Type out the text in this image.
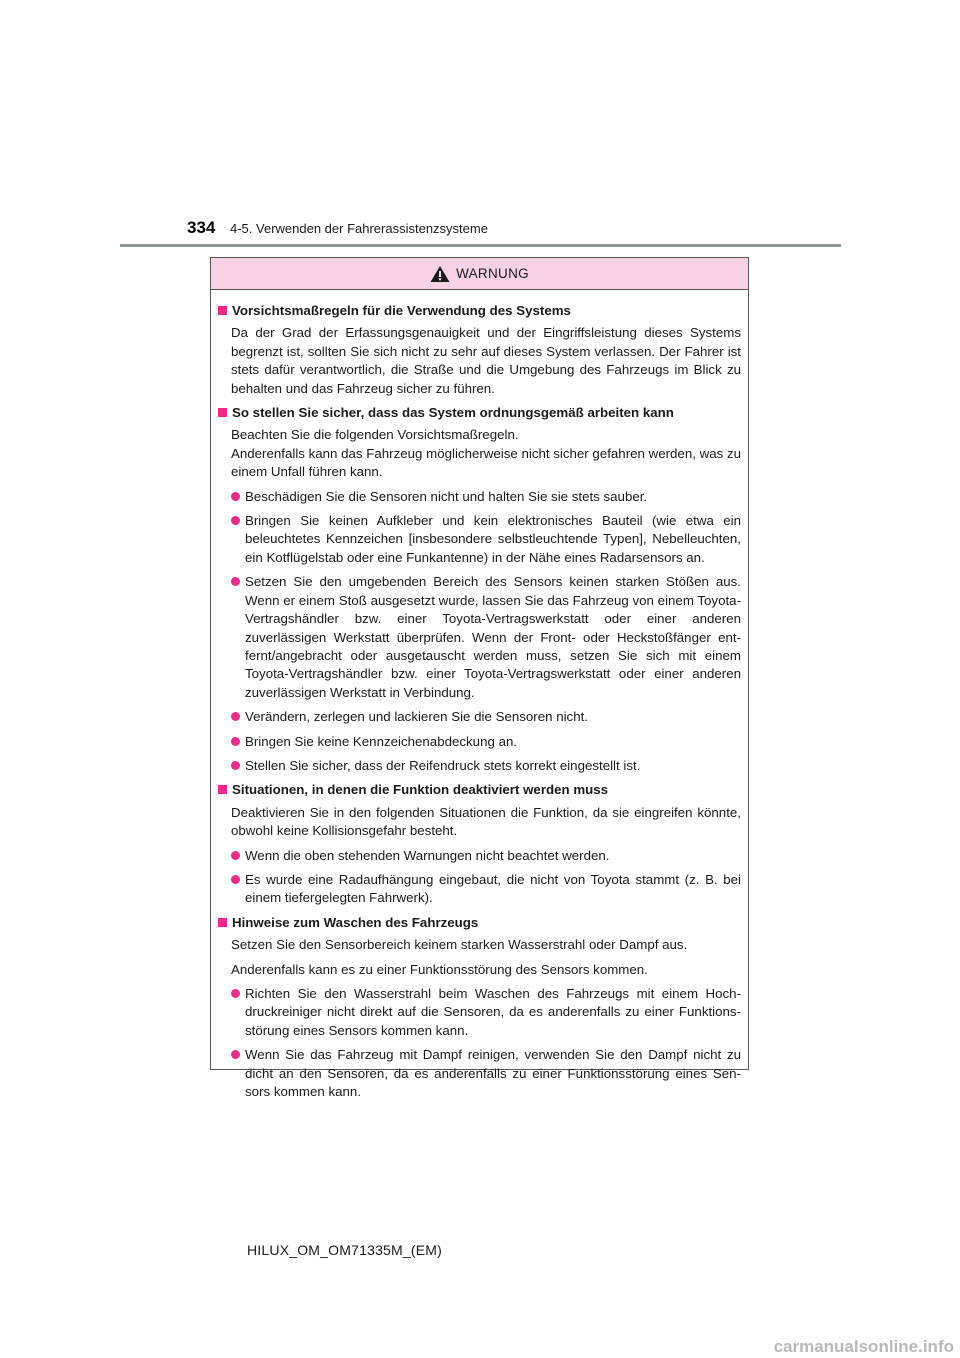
334 4-5. Verwenden der Fahrerassistenzsysteme
WARNUNG
Vorsichtsmaßregeln für die Verwendung des Systems
Da der Grad der Erfassungsgenauigkeit und der Eingriffsleistung dieses Systems begrenzt ist, sollten Sie sich nicht zu sehr auf dieses System verlassen. Der Fahrer ist stets dafür verantwortlich, die Straße und die Umgebung des Fahrzeugs im Blick zu behalten und das Fahrzeug sicher zu führen.
So stellen Sie sicher, dass das System ordnungsgemäß arbeiten kann
Beachten Sie die folgenden Vorsichtsmaßregeln.
Anderenfalls kann das Fahrzeug möglicherweise nicht sicher gefahren werden, was zu einem Unfall führen kann.
Beschädigen Sie die Sensoren nicht und halten Sie sie stets sauber.
Bringen Sie keinen Aufkleber und kein elektronisches Bauteil (wie etwa ein beleuchtetes Kennzeichen [insbesondere selbstleuchtende Typen], Nebelleuchten, ein Kotflügelstab oder eine Funkantenne) in der Nähe eines Radarsensors an.
Setzen Sie den umgebenden Bereich des Sensors keinen starken Stößen aus. Wenn er einem Stoß ausgesetzt wurde, lassen Sie das Fahrzeug von einem Toyota-Vertragshändler bzw. einer Toyota-Vertragswerkstatt oder einer anderen zuverlässigen Werkstatt überprüfen. Wenn der Front- oder Heckstoßfänger ent-fernt/angebracht oder ausgetauscht werden muss, setzen Sie sich mit einem Toyota-Vertragshändler bzw. einer Toyota-Vertragswerkstatt oder einer anderen zuverlässigen Werkstatt in Verbindung.
Verändern, zerlegen und lackieren Sie die Sensoren nicht.
Bringen Sie keine Kennzeichenabdeckung an.
Stellen Sie sicher, dass der Reifendruck stets korrekt eingestellt ist.
Situationen, in denen die Funktion deaktiviert werden muss
Deaktivieren Sie in den folgenden Situationen die Funktion, da sie eingreifen könnte, obwohl keine Kollisionsgefahr besteht.
Wenn die oben stehenden Warnungen nicht beachtet werden.
Es wurde eine Radaufhängung eingebaut, die nicht von Toyota stammt (z. B. bei einem tiefergelegten Fahrwerk).
Hinweise zum Waschen des Fahrzeugs
Setzen Sie den Sensorbereich keinem starken Wasserstrahl oder Dampf aus.
Anderenfalls kann es zu einer Funktionsstörung des Sensors kommen.
Richten Sie den Wasserstrahl beim Waschen des Fahrzeugs mit einem Hoch-druckreiniger nicht direkt auf die Sensoren, da es anderenfalls zu einer Funktions-störung eines Sensors kommen kann.
Wenn Sie das Fahrzeug mit Dampf reinigen, verwenden Sie den Dampf nicht zu dicht an den Sensoren, da es anderenfalls zu einer Funktionsstörung eines Sen-sors kommen kann.
HILUX_OM_OM71335M_(EM)
carmanualsonline.info
